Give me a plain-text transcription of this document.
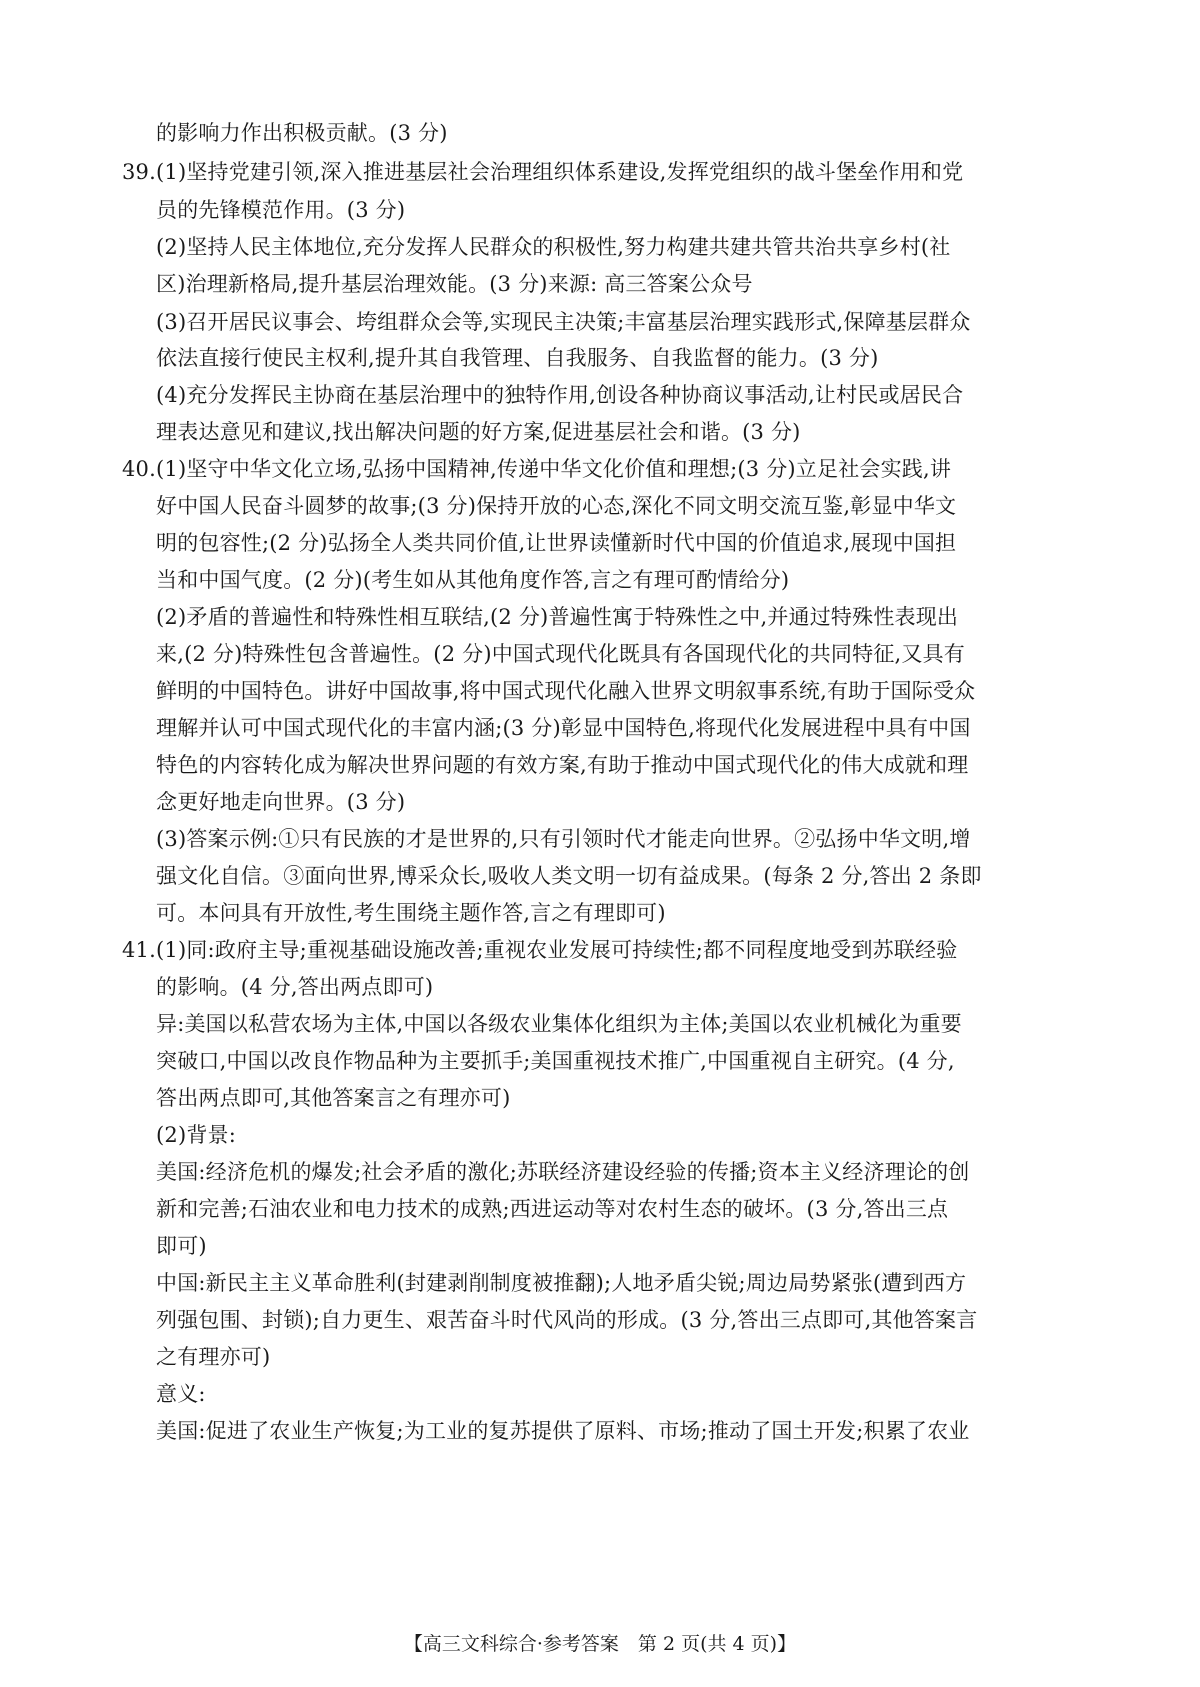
的影响力作出积极贡献。(3 分)
39.(1)坚持党建引领,深入推进基层社会治理组织体系建设,发挥党组织的战斗堡垒作用和党
员的先锋模范作用。(3 分)
(2)坚持人民主体地位,充分发挥人民群众的积极性,努力构建共建共管共治共享乡村(社
区)治理新格局,提升基层治理效能。(3 分)来源: 高三答案公众号
(3)召开居民议事会、垮组群众会等,实现民主决策;丰富基层治理实践形式,保障基层群众
依法直接行使民主权利,提升其自我管理、自我服务、自我监督的能力。(3 分)
(4)充分发挥民主协商在基层治理中的独特作用,创设各种协商议事活动,让村民或居民合
理表达意见和建议,找出解决问题的好方案,促进基层社会和谐。(3 分)
40.(1)坚守中华文化立场,弘扬中国精神,传递中华文化价值和理想;(3 分)立足社会实践,讲
好中国人民奋斗圆梦的故事;(3 分)保持开放的心态,深化不同文明交流互鉴,彰显中华文
明的包容性;(2 分)弘扬全人类共同价值,让世界读懂新时代中国的价值追求,展现中国担
当和中国气度。(2 分)(考生如从其他角度作答,言之有理可酌情给分)
(2)矛盾的普遍性和特殊性相互联结,(2 分)普遍性寓于特殊性之中,并通过特殊性表现出
来,(2 分)特殊性包含普遍性。(2 分)中国式现代化既具有各国现代化的共同特征,又具有
鲜明的中国特色。讲好中国故事,将中国式现代化融入世界文明叙事系统,有助于国际受众
理解并认可中国式现代化的丰富内涵;(3 分)彰显中国特色,将现代化发展进程中具有中国
特色的内容转化成为解决世界问题的有效方案,有助于推动中国式现代化的伟大成就和理
念更好地走向世界。(3 分)
(3)答案示例:①只有民族的才是世界的,只有引领时代才能走向世界。②弘扬中华文明,增
强文化自信。③面向世界,博采众长,吸收人类文明一切有益成果。(每条 2 分,答出 2 条即
可。本问具有开放性,考生围绕主题作答,言之有理即可)
41.(1)同:政府主导;重视基础设施改善;重视农业发展可持续性;都不同程度地受到苏联经验
的影响。(4 分,答出两点即可)
异:美国以私营农场为主体,中国以各级农业集体化组织为主体;美国以农业机械化为重要
突破口,中国以改良作物品种为主要抓手;美国重视技术推广,中国重视自主研究。(4 分,
答出两点即可,其他答案言之有理亦可)
(2)背景:
美国:经济危机的爆发;社会矛盾的激化;苏联经济建设经验的传播;资本主义经济理论的创
新和完善;石油农业和电力技术的成熟;西进运动等对农村生态的破坏。(3 分,答出三点
即可)
中国:新民主主义革命胜利(封建剥削制度被推翻);人地矛盾尖锐;周边局势紧张(遭到西方
列强包围、封锁);自力更生、艰苦奋斗时代风尚的形成。(3 分,答出三点即可,其他答案言
之有理亦可)
意义:
美国:促进了农业生产恢复;为工业的复苏提供了原料、市场;推动了国土开发;积累了农业
【高三文科综合·参考答案　第 2 页(共 4 页)】
